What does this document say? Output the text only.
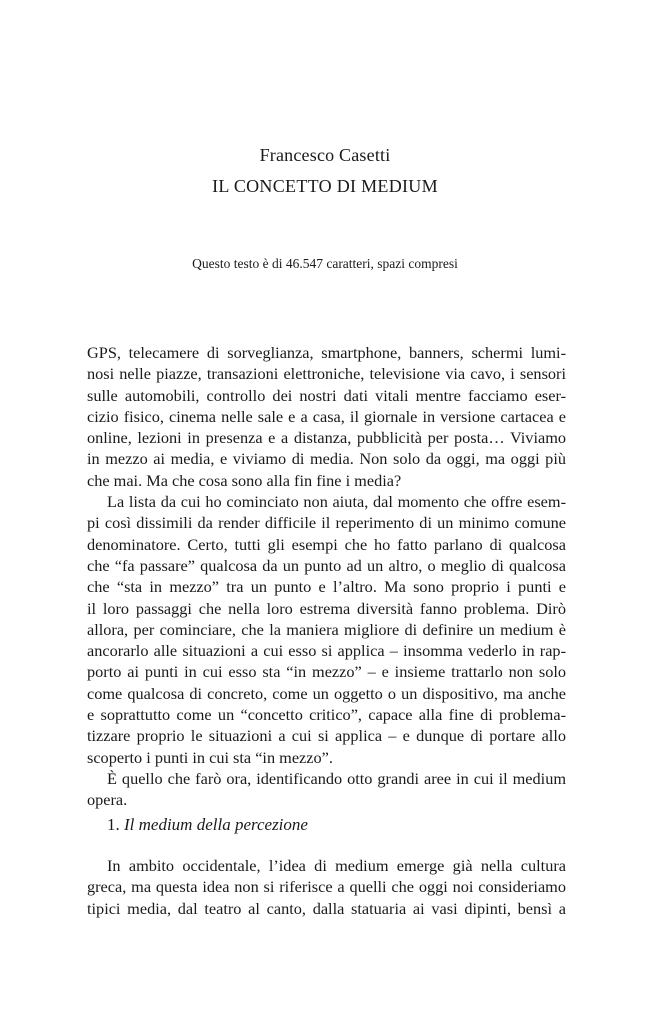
Francesco Casetti
IL CONCETTO DI MEDIUM
Questo testo è di 46.547 caratteri, spazi compresi
GPS, telecamere di sorveglianza, smartphone, banners, schermi lumi-
nosi nelle piazze, transazioni elettroniche, televisione via cavo, i sensori
sulle automobili, controllo dei nostri dati vitali mentre facciamo eser-
cizio fisico, cinema nelle sale e a casa, il giornale in versione cartacea e
online, lezioni in presenza e a distanza, pubblicità per posta… Viviamo
in mezzo ai media, e viviamo di media. Non solo da oggi, ma oggi più
che mai. Ma che cosa sono alla fin fine i media?
La lista da cui ho cominciato non aiuta, dal momento che offre esem-
pi così dissimili da render difficile il reperimento di un minimo comune
denominatore. Certo, tutti gli esempi che ho fatto parlano di qualcosa
che “fa passare” qualcosa da un punto ad un altro, o meglio di qualcosa
che “sta in mezzo” tra un punto e l’altro. Ma sono proprio i punti e
il loro passaggi che nella loro estrema diversità fanno problema. Dirò
allora, per cominciare, che la maniera migliore di definire un medium è
ancorarlo alle situazioni a cui esso si applica – insomma vederlo in rap-
porto ai punti in cui esso sta “in mezzo” – e insieme trattarlo non solo
come qualcosa di concreto, come un oggetto o un dispositivo, ma anche
e soprattutto come un “concetto critico”, capace alla fine di problema-
tizzare proprio le situazioni a cui si applica – e dunque di portare allo
scoperto i punti in cui sta “in mezzo”.
È quello che farò ora, identificando otto grandi aree in cui il medium
opera.
1. Il medium della percezione
In ambito occidentale, l’idea di medium emerge già nella cultura
greca, ma questa idea non si riferisce a quelli che oggi noi consideriamo
tipici media, dal teatro al canto, dalla statuaria ai vasi dipinti, bensì a
